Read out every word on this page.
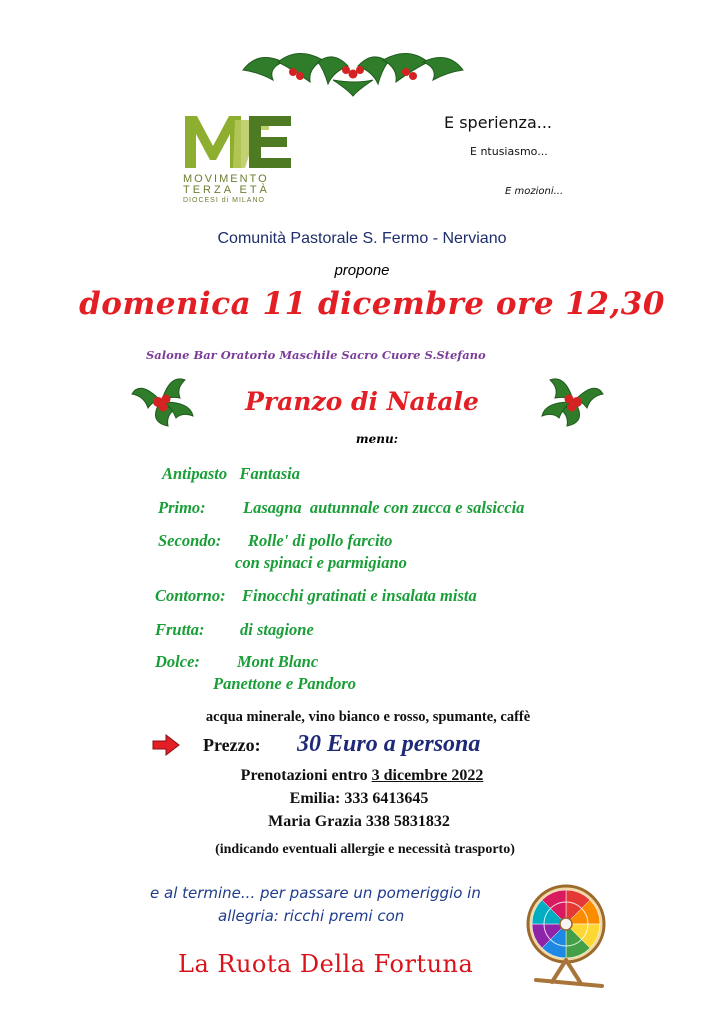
MOVIMENTO
TERZA ETÀ
DIOCESI di MILANO
E sperienza...
E ntusiasmo...
E mozioni...
Comunità Pastorale S. Fermo - Nerviano
propone
domenica 11 dicembre ore 12,30
Salone Bar Oratorio Maschile Sacro Cuore S.Stefano
Pranzo di Natale
menu:
Antipasto   Fantasia
Primo: Lasagna  autunnale con zucca e salsiccia
Secondo: Rolle' di pollo farcito
con spinaci e parmigiano
Contorno: Finocchi gratinati e insalata mista
Frutta: di stagione
Dolce: Mont Blanc
Panettone e Pandoro
acqua minerale, vino bianco e rosso, spumante, caffè
Prezzo: 30 Euro a persona
Prenotazioni entro 3 dicembre 2022
Emilia: 333 6413645
Maria Grazia 338 5831832
(indicando eventuali allergie e necessità trasporto)
e al termine... per passare un pomeriggio in
allegria: ricchi premi con
La Ruota Della Fortuna
